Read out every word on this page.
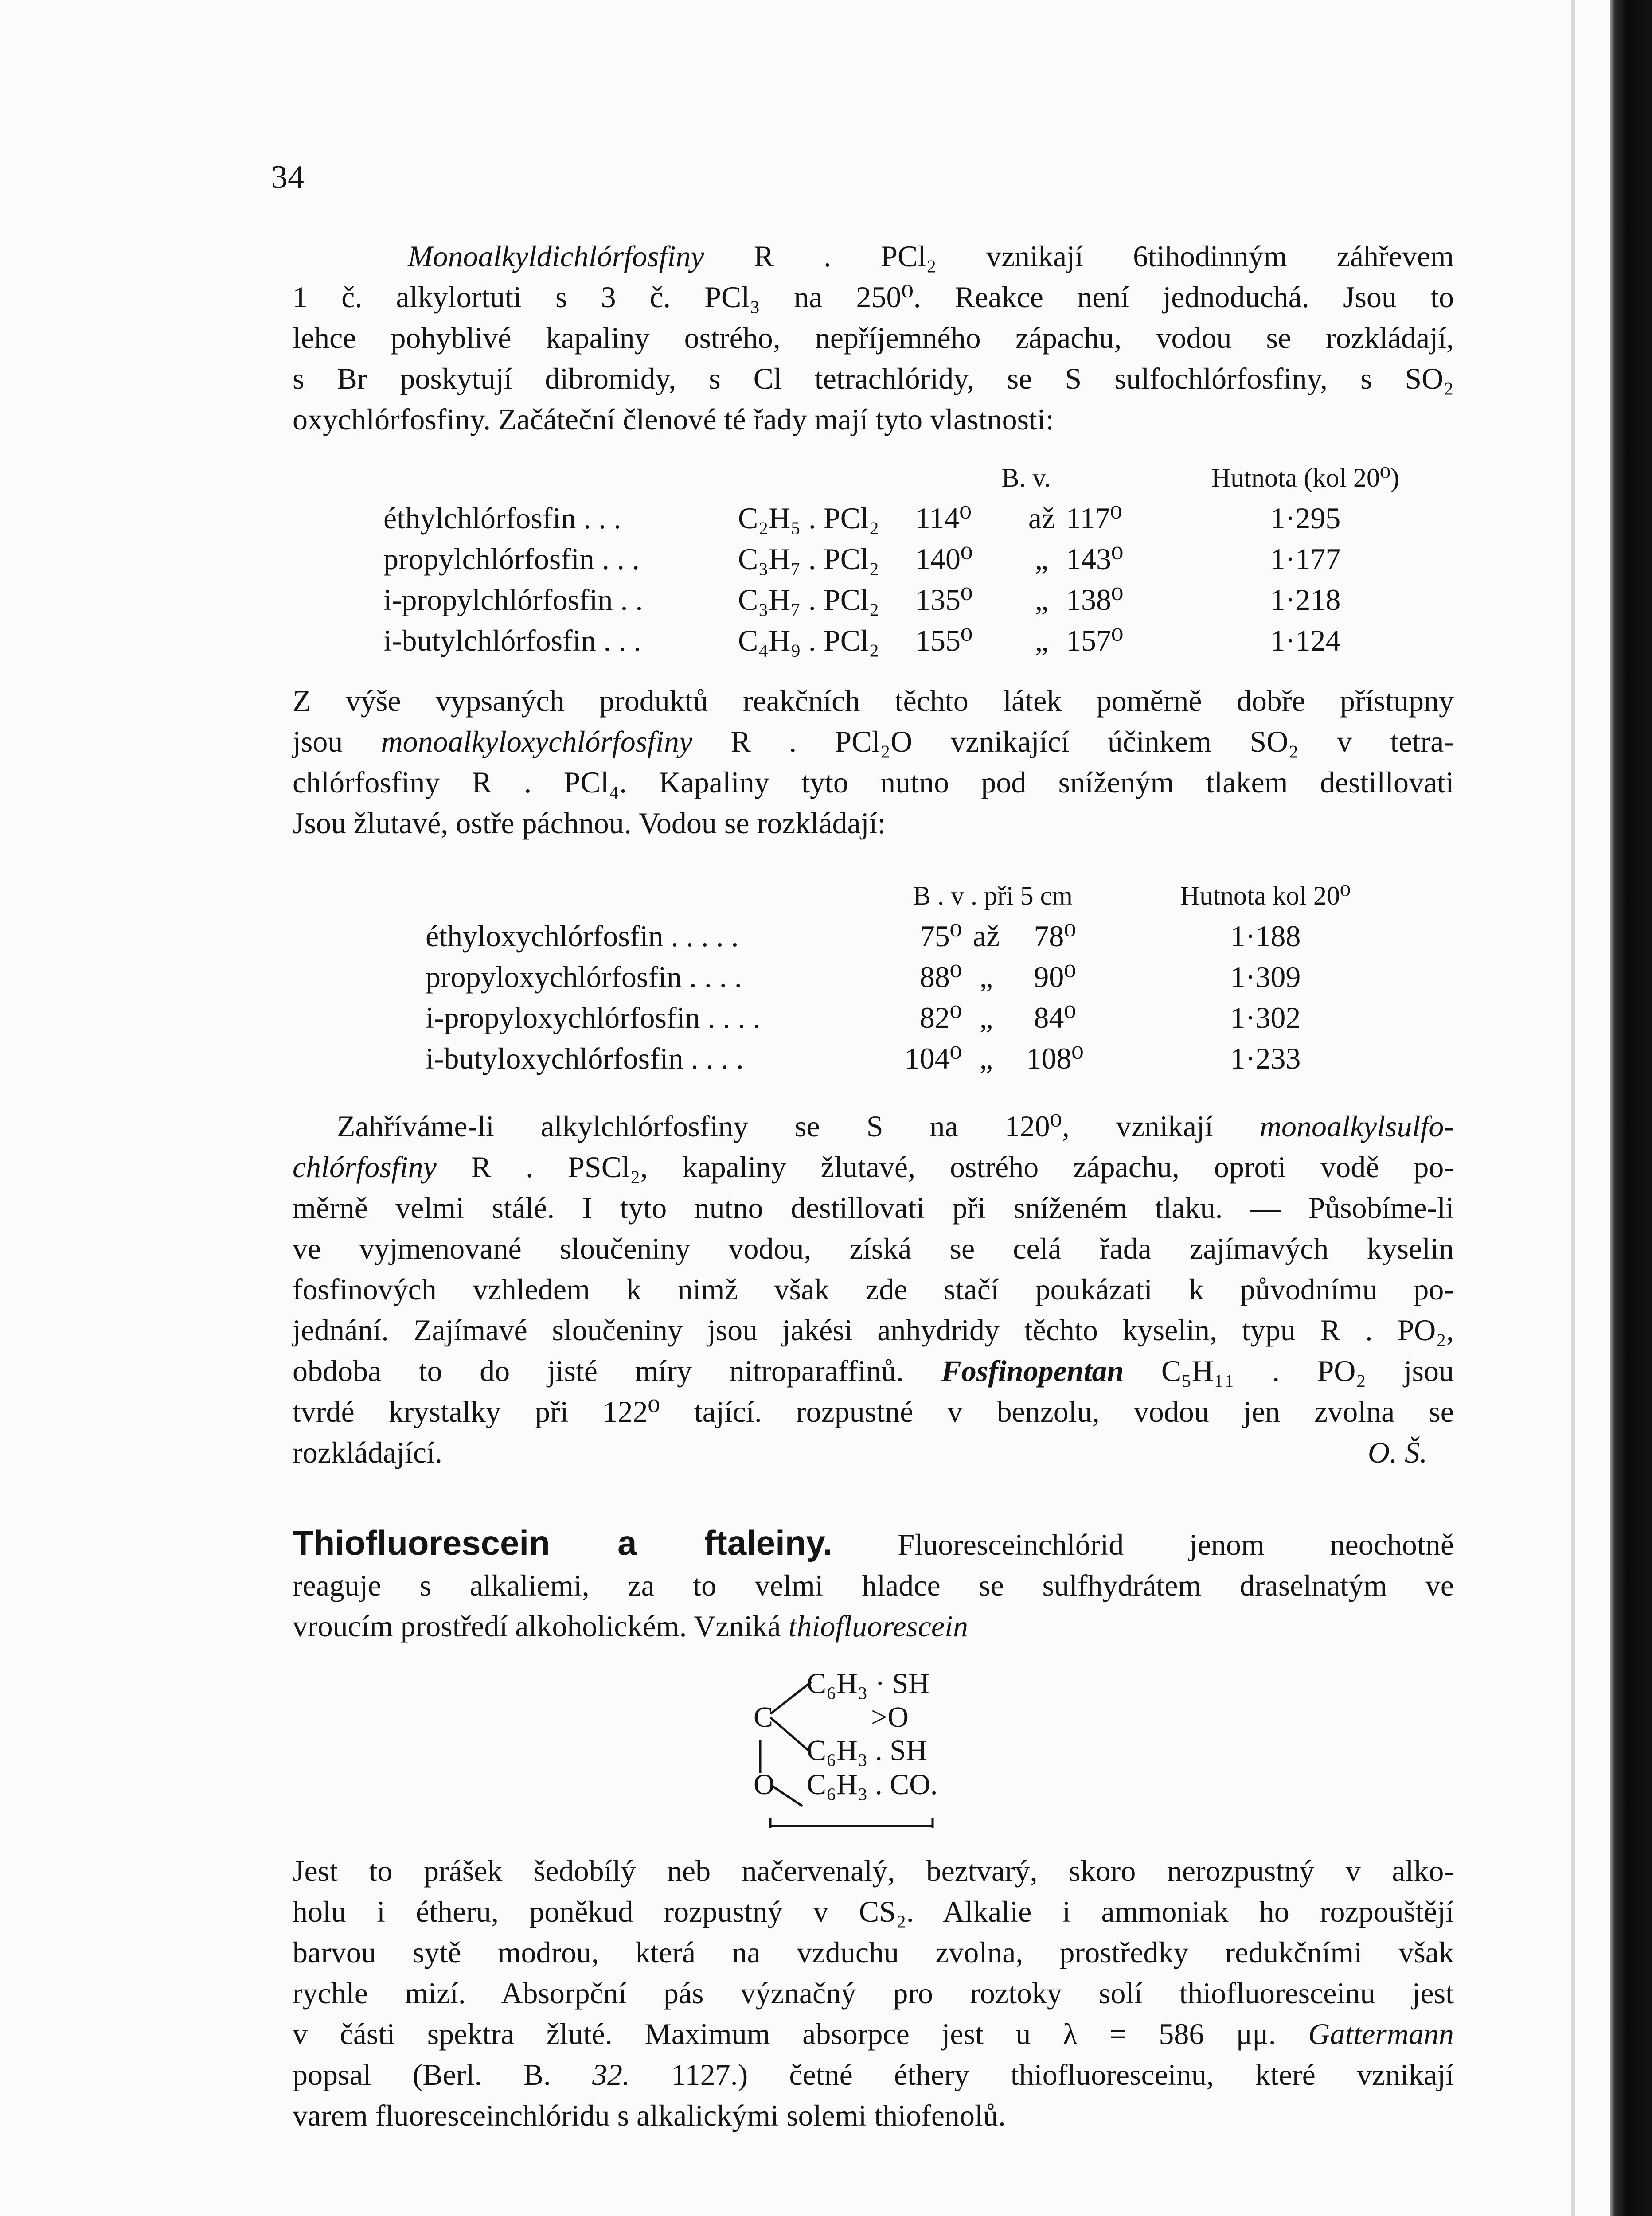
34
Monoalkyldichlórfosfiny R . PCl₂ vznikají 6tihodinným záhřevem
1 č. alkylortuti s 3 č. PCl₃ na 250⁰. Reakce není jednoduchá. Jsou to
lehce pohyblivé kapaliny ostrého, nepříjemného zápachu, vodou se rozkládají,
s Br poskytují dibromidy, s Cl tetrachlóridy, se S sulfochlórfosfiny, s SO₂
oxychlórfosfiny. Začáteční členové té řady mají tyto vlastnosti:
		B. v.			Hutnota (kol 20⁰)
éthylchlórfosfin . . .	C₂H₅ . PCl₂	114⁰	až	117⁰	1·295
propylchlórfosfin . . .	C₃H₇ . PCl₂	140⁰	„	143⁰	1·177
i-propylchlórfosfin . .	C₃H₇ . PCl₂	135⁰	„	138⁰	1·218
i-butylchlórfosfin . . .	C₄H₉ . PCl₂	155⁰	„	157⁰	1·124
Z výše vypsaných produktů reakčních těchto látek poměrně dobře přístupny
jsou monoalkyloxychlórfosfiny R . PCl₂O vznikající účinkem SO₂ v tetra-
chlórfosfiny R . PCl₄. Kapaliny tyto nutno pod sníženým tlakem destillovati
Jsou žlutavé, ostře páchnou. Vodou se rozkládají:
	B . v . při 5 cm			Hutnota kol 20⁰
éthyloxychlórfosfin . . . . .	75⁰	až	78⁰	1·188
propyloxychlórfosfin . . . .	88⁰	„	90⁰	1·309
i-propyloxychlórfosfin . . . .	82⁰	„	84⁰	1·302
i-butyloxychlórfosfin . . . .	104⁰	„	108⁰	1·233
Zahříváme-li alkylchlórfosfiny se S na 120⁰, vznikají monoalkylsulfo-
chlórfosfiny R . PSCl₂, kapaliny žlutavé, ostrého zápachu, oproti vodě po-
měrně velmi stálé. I tyto nutno destillovati při sníženém tlaku. — Působíme-li
ve vyjmenované sloučeniny vodou, získá se celá řada zajímavých kyselin
fosfinových vzhledem k nimž však zde stačí poukázati k původnímu po-
jednání. Zajímavé sloučeniny jsou jakési anhydridy těchto kyselin, typu R . PO₂,
obdoba to do jisté míry nitroparaffinů. Fosfinopentan C₅H₁₁ . PO₂ jsou
tvrdé krystalky při 122⁰ tající. rozpustné v benzolu, vodou jen zvolna se
rozkládající.	O. Š.
Thiofluorescein a ftaleiny. Fluoresceinchlórid jenom neochotně
reaguje s alkaliemi, za to velmi hladce se sulfhydrátem draselnatým ve
vroucím prostředí alkoholickém. Vzniká thiofluorescein
C₆H₃ · SH
C	>O
C₆H₃ . SH
O C₆H₃ . CO.
Jest to prášek šedobílý neb načervenalý, beztvarý, skoro nerozpustný v alko-
holu i étheru, poněkud rozpustný v CS₂. Alkalie i ammoniak ho rozpouštějí
barvou sytě modrou, která na vzduchu zvolna, prostředky redukčními však
rychle mizí. Absorpční pás význačný pro roztoky solí thiofluoresceinu jest
v části spektra žluté. Maximum absorpce jest u λ = 586 μμ. Gattermann
popsal (Berl. B. 32. 1127.) četné éthery thiofluoresceinu, které vznikají
varem fluoresceinchlóridu s alkalickými solemi thiofenolů.
